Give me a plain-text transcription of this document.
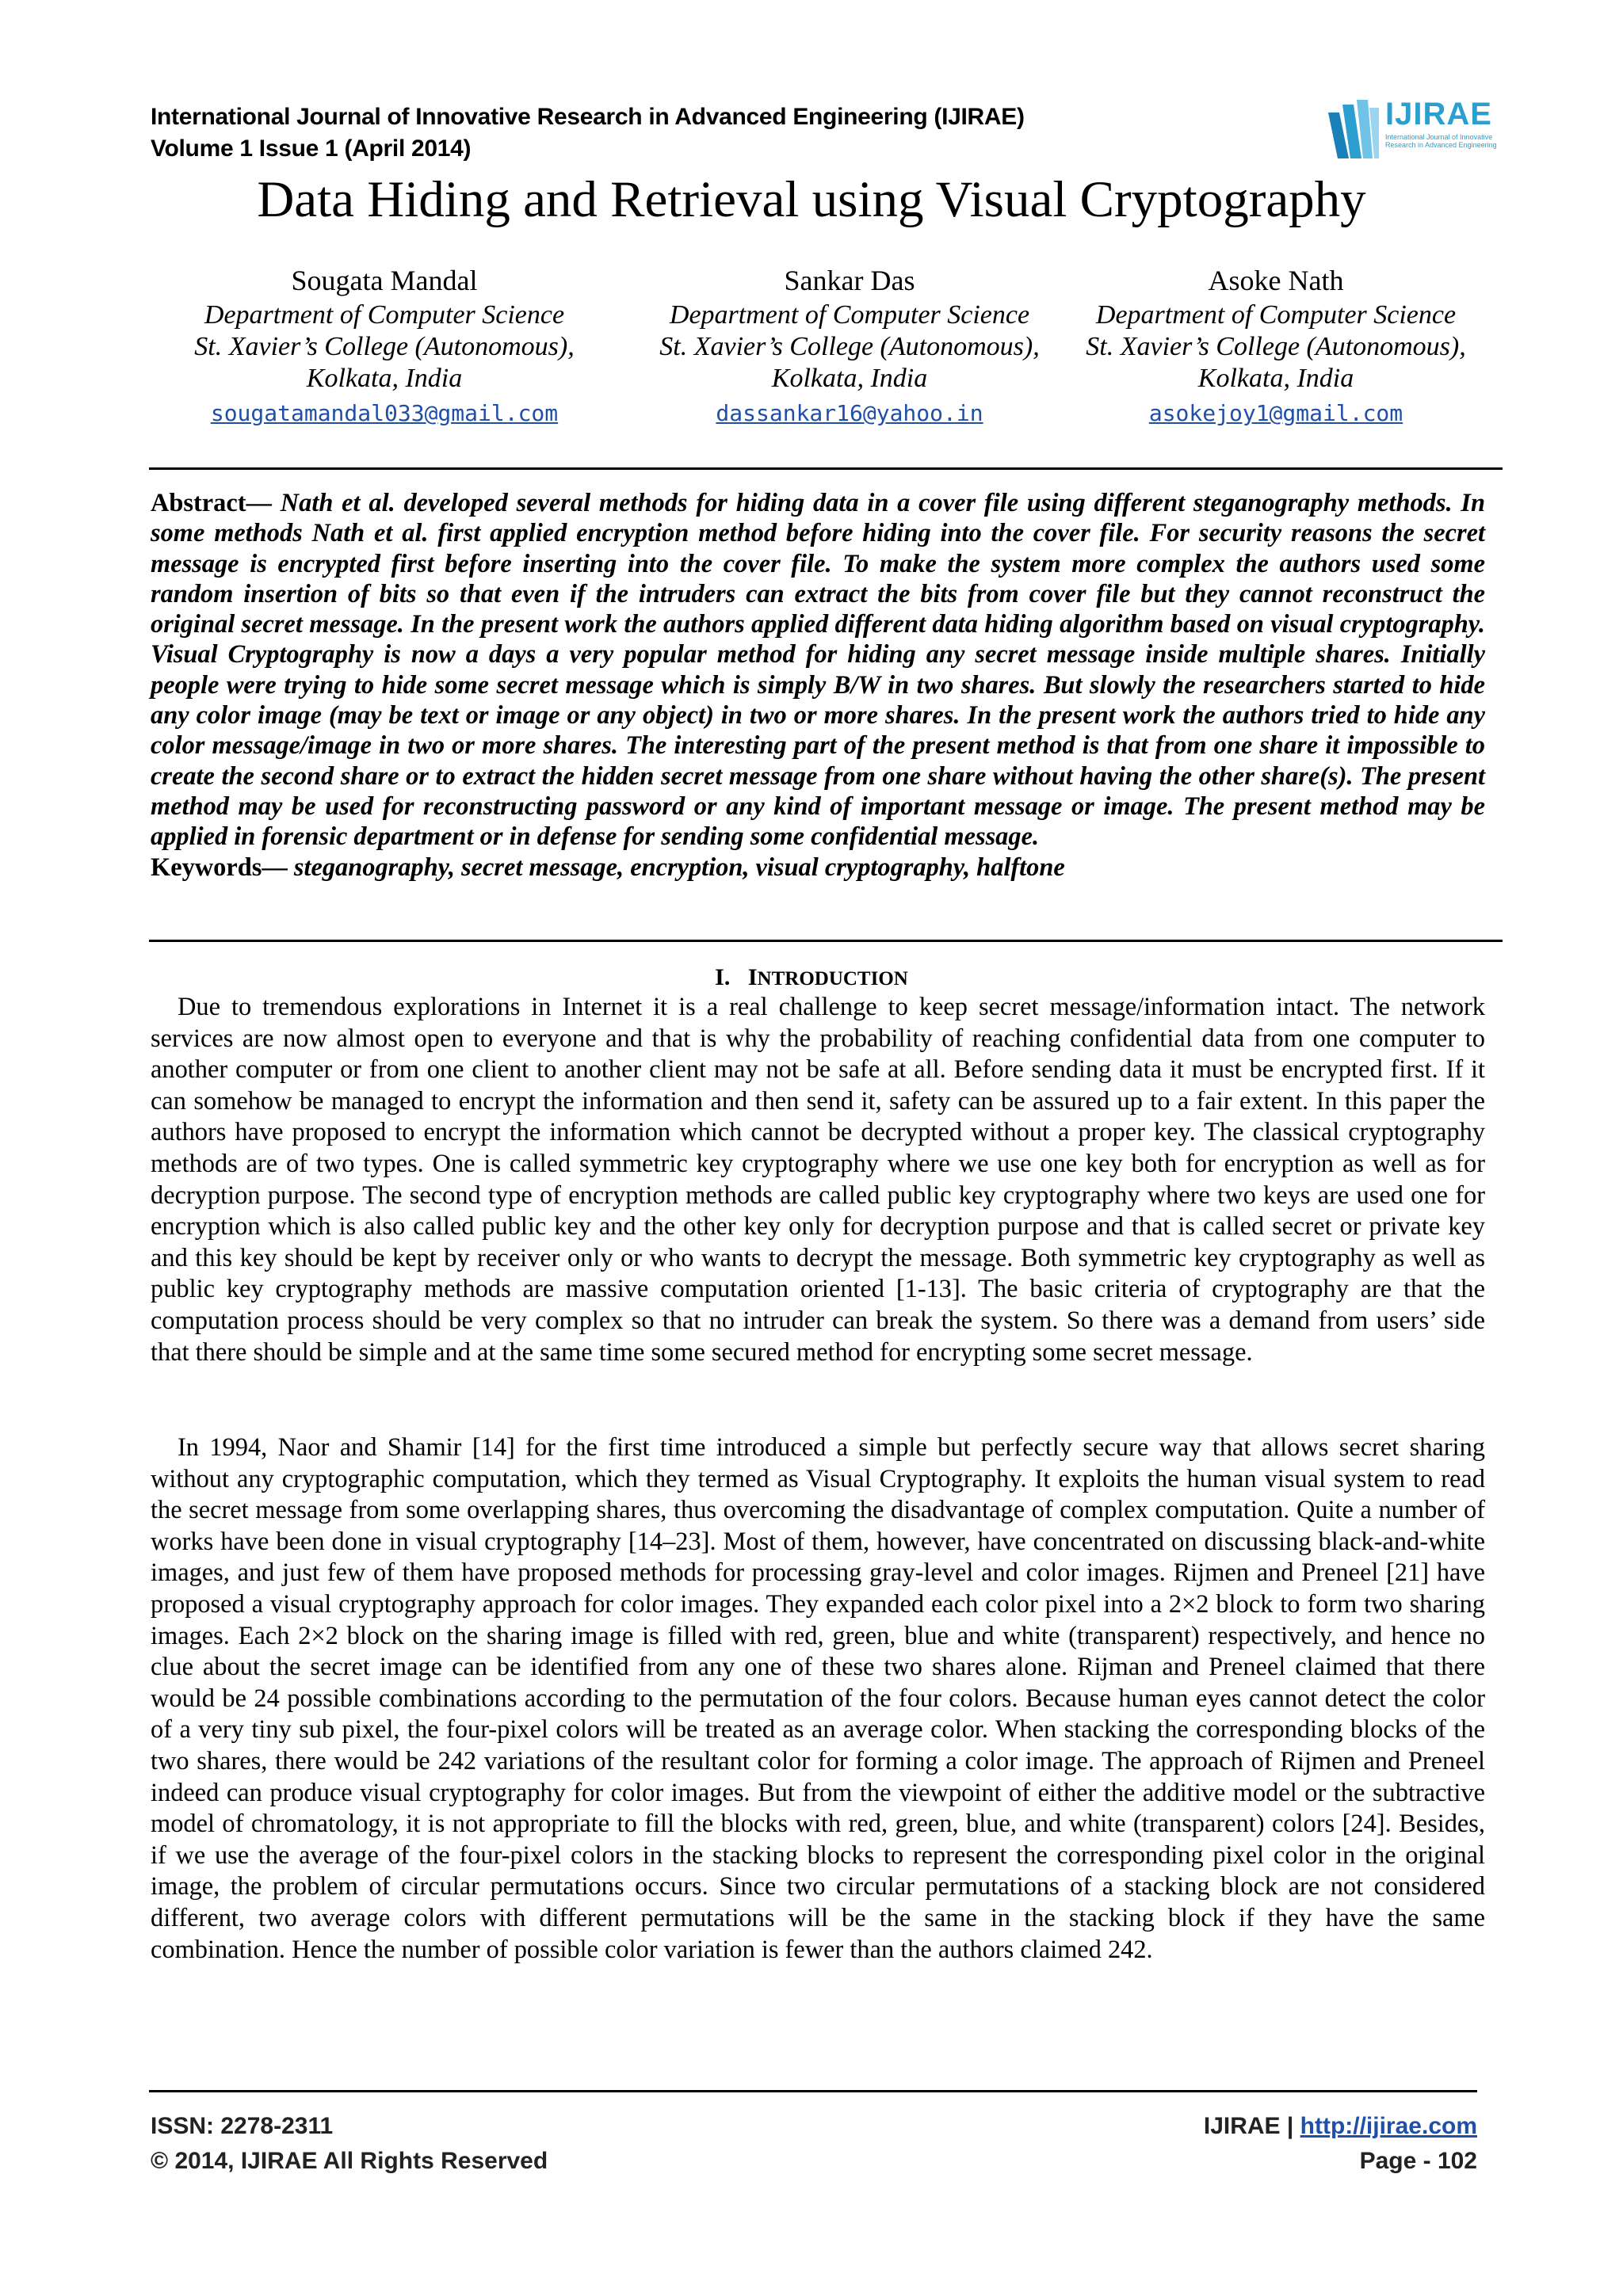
International Journal of Innovative Research in Advanced Engineering (IJIRAE)
Volume 1 Issue 1 (April 2014)
IJIRAE
International Journal of Innovative Research in Advanced Engineering
Data Hiding and Retrieval using Visual Cryptography
Sougata Mandal
Department of Computer Science
St. Xavier’s College (Autonomous),
Kolkata, India
sougatamandal033@gmail.com
Sankar Das
Department of Computer Science
St. Xavier’s College (Autonomous),
Kolkata, India
dassankar16@yahoo.in
Asoke Nath
Department of Computer Science
St. Xavier’s College (Autonomous),
Kolkata, India
asokejoy1@gmail.com
Abstract— Nath et al. developed several methods for hiding data in a cover file using different steganography methods. In some methods Nath et al. first applied encryption method before hiding into the cover file. For security reasons the secret message is encrypted first before inserting into the cover file. To make the system more complex the authors used some random insertion of bits so that even if the intruders can extract the bits from cover file but they cannot reconstruct the original secret message. In the present work the authors applied different data hiding algorithm based on visual cryptography. Visual Cryptography is now a days a very popular method for hiding any secret message inside multiple shares. Initially people were trying to hide some secret message which is simply B/W in two shares. But slowly the researchers started to hide any color image (may be text or image or any object) in two or more shares. In the present work the authors tried to hide any color message/image in two or more shares. The interesting part of the present method is that from one share it impossible to create the second share or to extract the hidden secret message from one share without having the other share(s). The present method may be used for reconstructing password or any kind of important message or image. The present method may be applied in forensic department or in defense for sending some confidential message.
Keywords— steganography, secret message, encryption, visual cryptography, halftone
I. INTRODUCTION

Due to tremendous explorations in Internet it is a real challenge to keep secret message/information intact. The network services are now almost open to everyone and that is why the probability of reaching confidential data from one computer to another computer or from one client to another client may not be safe at all. Before sending data it must be encrypted first. If it can somehow be managed to encrypt the information and then send it, safety can be assured up to a fair extent. In this paper the authors have proposed to encrypt the information which cannot be decrypted without a proper key. The classical cryptography methods are of two types. One is called symmetric key cryptography where we use one key both for encryption as well as for decryption purpose. The second type of encryption methods are called public key cryptography where two keys are used one for encryption which is also called public key and the other key only for decryption purpose and that is called secret or private key and this key should be kept by receiver only or who wants to decrypt the message. Both symmetric key cryptography as well as public key cryptography methods are massive computation oriented [1-13]. The basic criteria of cryptography are that the computation process should be very complex so that no intruder can break the system. So there was a demand from users’ side that there should be simple and at the same time some secured method for encrypting some secret message.

In 1994, Naor and Shamir [14] for the first time introduced a simple but perfectly secure way that allows secret sharing without any cryptographic computation, which they termed as Visual Cryptography. It exploits the human visual system to read the secret message from some overlapping shares, thus overcoming the disadvantage of complex computation. Quite a number of works have been done in visual cryptography [14–23]. Most of them, however, have concentrated on discussing black-and-white images, and just few of them have proposed methods for processing gray-level and color images. Rijmen and Preneel [21] have proposed a visual cryptography approach for color images. They expanded each color pixel into a 2×2 block to form two sharing images. Each 2×2 block on the sharing image is filled with red, green, blue and white (transparent) respectively, and hence no clue about the secret image can be identified from any one of these two shares alone. Rijman and Preneel claimed that there would be 24 possible combinations according to the permutation of the four colors. Because human eyes cannot detect the color of a very tiny sub pixel, the four-pixel colors will be treated as an average color. When stacking the corresponding blocks of the two shares, there would be 242 variations of the resultant color for forming a color image. The approach of Rijmen and Preneel indeed can produce visual cryptography for color images. But from the viewpoint of either the additive model or the subtractive model of chromatology, it is not appropriate to fill the blocks with red, green, blue, and white (transparent) colors [24]. Besides, if we use the average of the four-pixel colors in the stacking blocks to represent the corresponding pixel color in the original image, the problem of circular permutations occurs. Since two circular permutations of a stacking block are not considered different, two average colors with different permutations will be the same in the stacking block if they have the same combination. Hence the number of possible color variation is fewer than the authors claimed 242.

ISSN: 2278-2311
© 2014, IJIRAE All Rights Reserved
IJIRAE | http://ijirae.com
Page - 102
